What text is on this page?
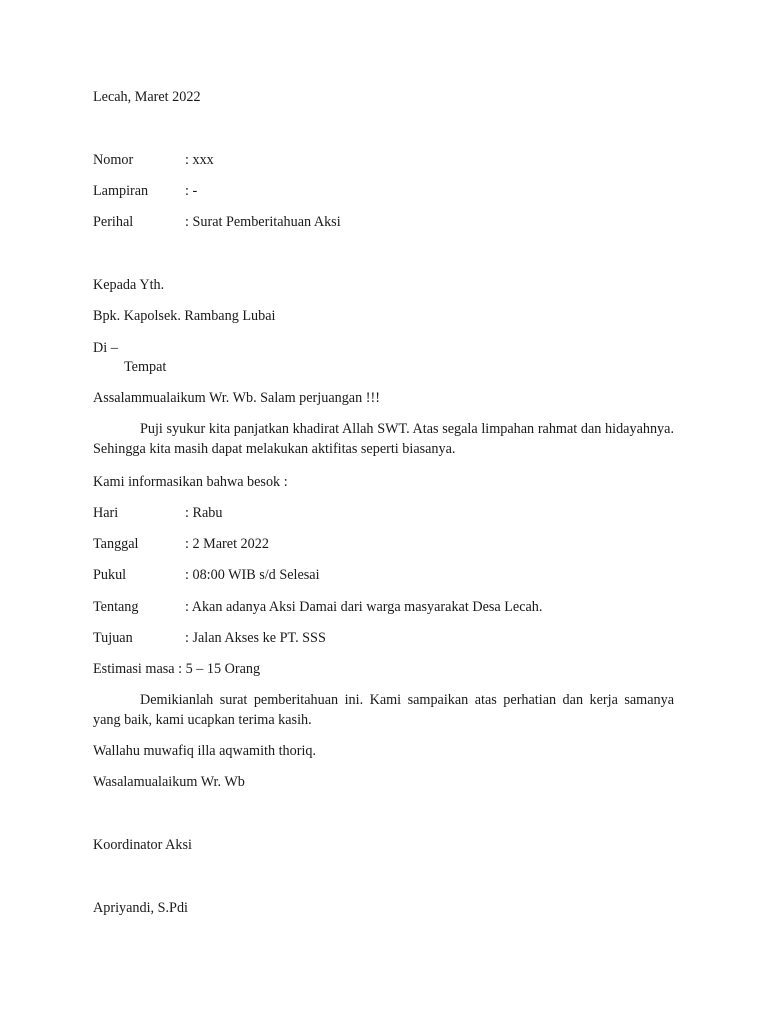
Lecah, Maret 2022
Nomor	: xxx
Lampiran	: -
Perihal	: Surat Pemberitahuan Aksi
Kepada Yth.
Bpk. Kapolsek. Rambang Lubai
Di –
Tempat
Assalammualaikum Wr. Wb. Salam perjuangan !!!
Puji syukur kita panjatkan khadirat Allah SWT. Atas segala limpahan rahmat dan hidayahnya. Sehingga kita masih dapat melakukan aktifitas seperti biasanya.
Kami informasikan bahwa besok :
Hari	: Rabu
Tanggal	: 2 Maret 2022
Pukul	: 08:00 WIB s/d Selesai
Tentang	: Akan adanya Aksi Damai dari warga masyarakat Desa Lecah.
Tujuan	: Jalan Akses ke PT. SSS
Estimasi masa : 5 – 15 Orang
Demikianlah surat pemberitahuan ini. Kami sampaikan atas perhatian dan kerja samanya yang baik, kami ucapkan terima kasih.
Wallahu muwafiq illa aqwamith thoriq.
Wasalamualaikum Wr. Wb
Koordinator Aksi
Apriyandi, S.Pdi
